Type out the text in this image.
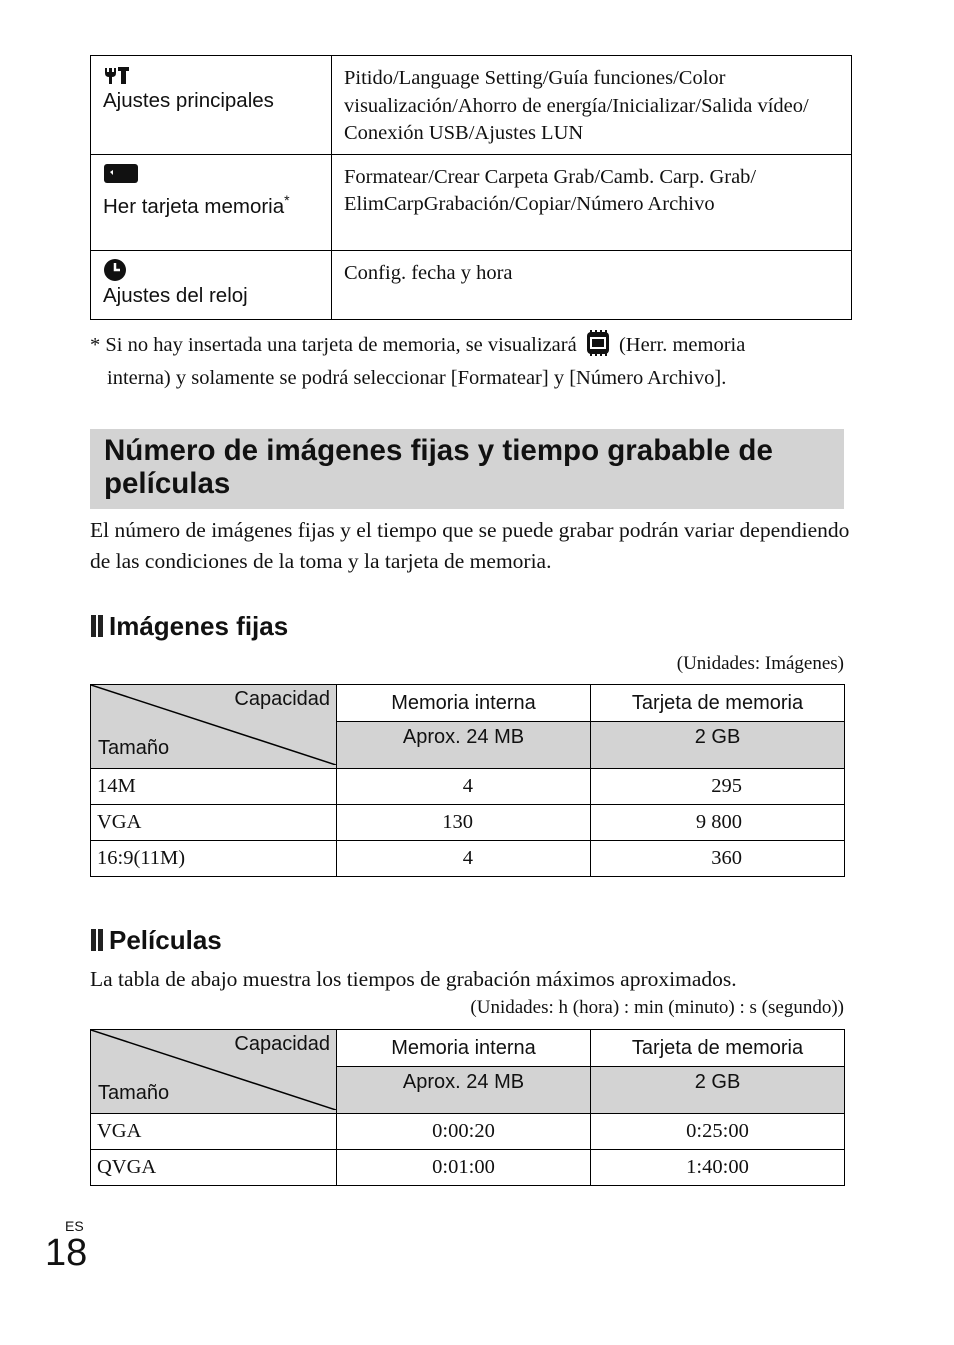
Ajustes principales	Pitido/Language Setting/Guía funciones/Color visualización/Ahorro de energía/Inicializar/Salida vídeo/ Conexión USB/Ajustes LUN

Her tarjeta memoria*	Formatear/Crear Carpeta Grab/Camb. Carp. Grab/ ElimCarpGrabación/Copiar/Número Archivo

Ajustes del reloj	Config. fecha y hora
* Si no hay insertada una tarjeta de memoria, se visualizará (Herr. memoria
interna) y solamente se podrá seleccionar [Formatear] y [Número Archivo].
Número de imágenes fijas y tiempo grabable de películas

El número de imágenes fijas y el tiempo que se puede grabar podrán variar dependiendo de las condiciones de la toma y la tarjeta de memoria.

Imágenes fijas
(Unidades: Imágenes)
Capacidad
Tamaño	Memoria interna	Tarjeta de memoria
	Aprox. 24 MB	2 GB
14M	4	295
VGA	130	9 800
16:9(11M)	4	360
Películas

La tabla de abajo muestra los tiempos de grabación máximos aproximados.

(Unidades: h (hora) : min (minuto) : s (segundo))
Capacidad
Tamaño	Memoria interna	Tarjeta de memoria
	Aprox. 24 MB	2 GB
VGA	0:00:20	0:25:00
QVGA	0:01:00	1:40:00
ES
18
